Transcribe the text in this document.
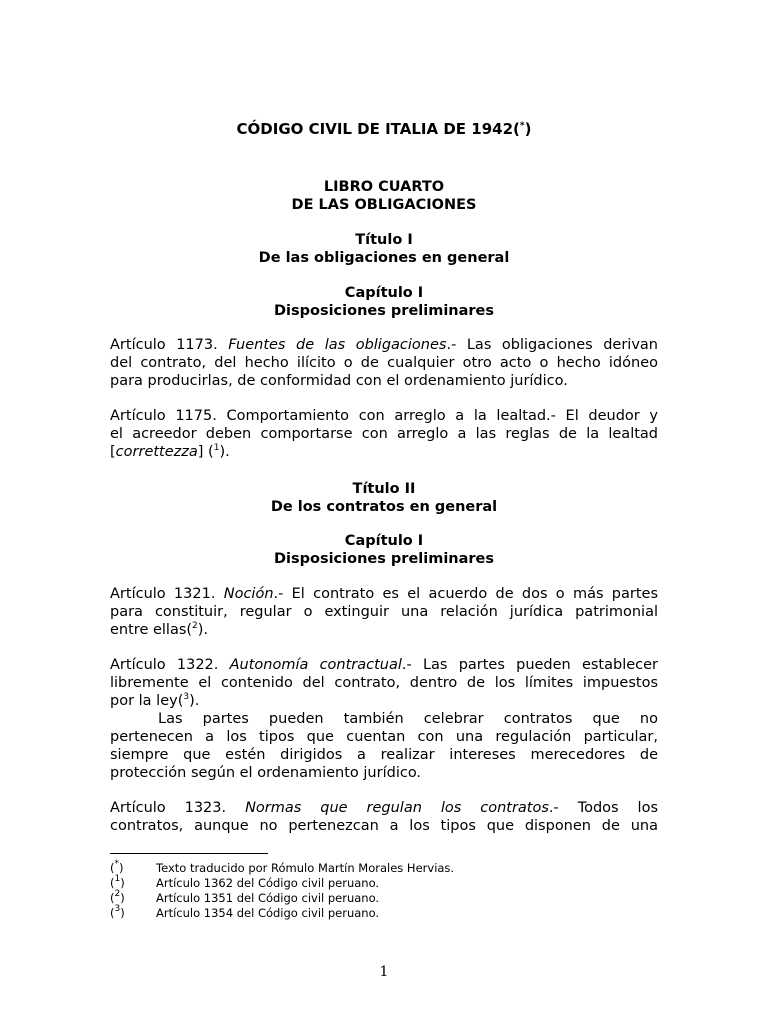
CÓDIGO CIVIL DE ITALIA DE 1942(*)
LIBRO CUARTO
DE LAS OBLIGACIONES
Título I
De las obligaciones en general
Capítulo I
Disposiciones preliminares
Artículo 1173. Fuentes de las obligaciones.- Las obligaciones derivan
del contrato, del hecho ilícito o de cualquier otro acto o hecho idóneo
para producirlas, de conformidad con el ordenamiento jurídico.
Artículo 1175. Comportamiento con arreglo a la lealtad.- El deudor y
el acreedor deben comportarse con arreglo a las reglas de la lealtad
[correttezza] ($^1$).
Título II
De los contratos en general
Capítulo I
Disposiciones preliminares
Artículo 1321. Noción.- El contrato es el acuerdo de dos o más partes
para constituir, regular o extinguir una relación jurídica patrimonial
entre ellas($^2$).
Artículo 1322. Autonomía contractual.- Las partes pueden establecer
libremente el contenido del contrato, dentro de los límites impuestos
por la ley($^3$).
Las partes pueden también celebrar contratos que no
pertenecen a los tipos que cuentan con una regulación particular,
siempre que estén dirigidos a realizar intereses merecedores de
protección según el ordenamiento jurídico.
Artículo 1323. Normas que regulan los contratos.- Todos los
contratos, aunque no pertenezcan a los tipos que disponen de una
(*)	Texto traducido por Rómulo Martín Morales Hervias.
($^1$)	Artículo 1362 del Código civil peruano.
($^2$)	Artículo 1351 del Código civil peruano.
($^3$)	Artículo 1354 del Código civil peruano.
1
